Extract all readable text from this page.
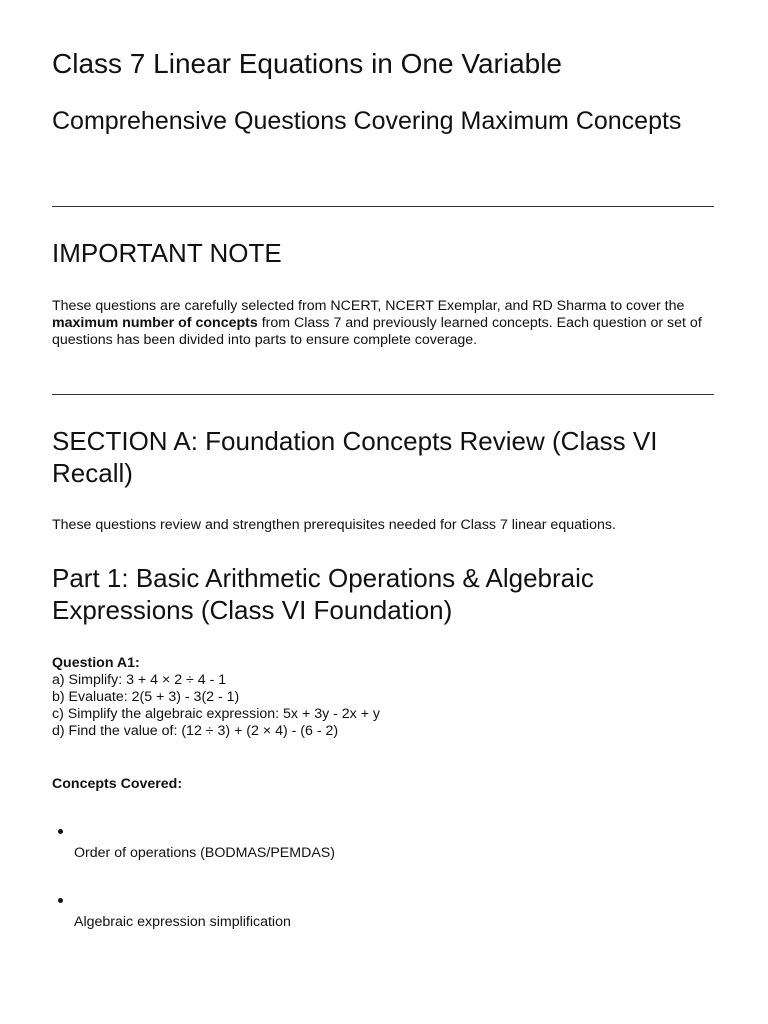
Class 7 Linear Equations in One Variable
Comprehensive Questions Covering Maximum Concepts
IMPORTANT NOTE

These questions are carefully selected from NCERT, NCERT Exemplar, and RD Sharma to cover the maximum number of concepts from Class 7 and previously learned concepts. Each question or set of questions has been divided into parts to ensure complete coverage.

SECTION A: Foundation Concepts Review (Class VI Recall)

These questions review and strengthen prerequisites needed for Class 7 linear equations.

Part 1: Basic Arithmetic Operations & Algebraic Expressions (Class VI Foundation)
Question A1:
a) Simplify: 3 + 4 × 2 ÷ 4 - 1
b) Evaluate: 2(5 + 3) - 3(2 - 1)
c) Simplify the algebraic expression: 5x + 3y - 2x + y
d) Find the value of: (12 ÷ 3) + (2 × 4) - (6 - 2)

Concepts Covered:

Order of operations (BODMAS/PEMDAS)
Algebraic expression simplification
